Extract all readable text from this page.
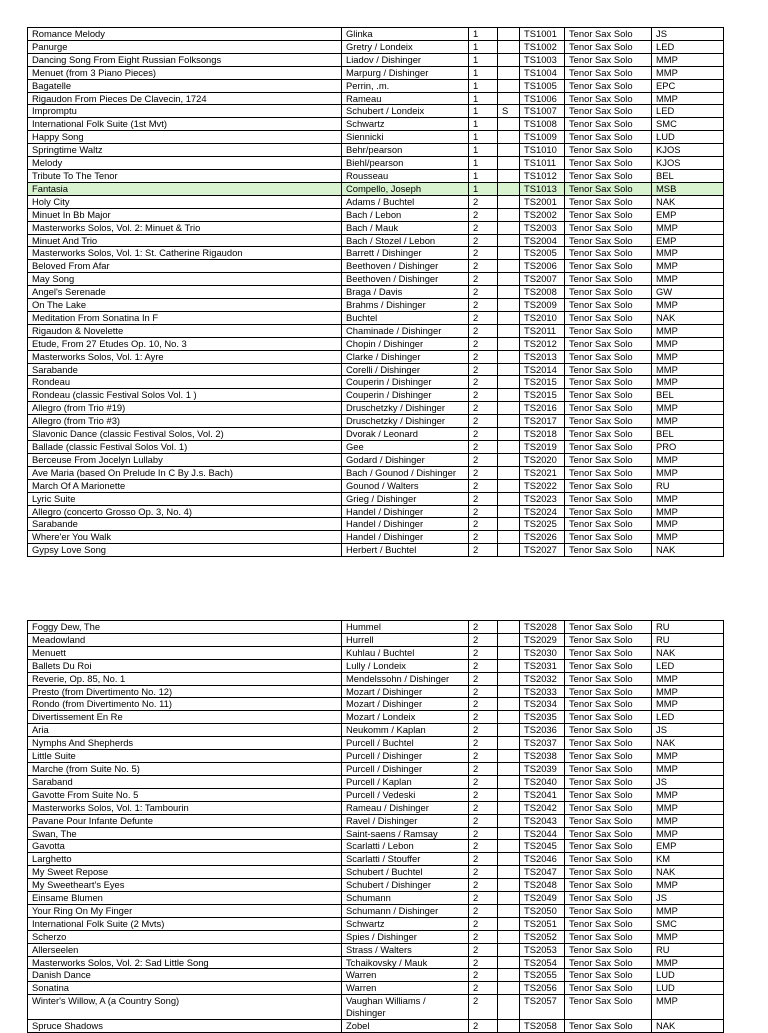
Romance Melody	Glinka	1		TS1001	Tenor Sax Solo	JS
Panurge	Gretry / Londeix	1		TS1002	Tenor Sax Solo	LED
Dancing Song From Eight Russian Folksongs	Liadov / Dishinger	1		TS1003	Tenor Sax Solo	MMP
Menuet (from 3 Piano Pieces)	Marpurg / Dishinger	1		TS1004	Tenor Sax Solo	MMP
Bagatelle	Perrin, .m.	1		TS1005	Tenor Sax Solo	EPC
Rigaudon From Pieces De Clavecin, 1724	Rameau	1		TS1006	Tenor Sax Solo	MMP
Impromptu	Schubert / Londeix	1	S	TS1007	Tenor Sax Solo	LED
International Folk Suite (1st Mvt)	Schwartz	1		TS1008	Tenor Sax Solo	SMC
Happy Song	Siennicki	1		TS1009	Tenor Sax Solo	LUD
Springtime Waltz	Behr/pearson	1		TS1010	Tenor Sax Solo	KJOS
Melody	Biehl/pearson	1		TS1011	Tenor Sax Solo	KJOS
Tribute To The Tenor	Rousseau	1		TS1012	Tenor Sax Solo	BEL
Fantasia	Compello, Joseph	1		TS1013	Tenor Sax Solo	MSB
Holy City	Adams / Buchtel	2		TS2001	Tenor Sax Solo	NAK
Minuet In Bb Major	Bach / Lebon	2		TS2002	Tenor Sax Solo	EMP
Masterworks Solos, Vol. 2: Minuet & Trio	Bach / Mauk	2		TS2003	Tenor Sax Solo	MMP
Minuet And Trio	Bach / Stozel / Lebon	2		TS2004	Tenor Sax Solo	EMP
Masterworks Solos, Vol. 1: St. Catherine Rigaudon	Barrett / Dishinger	2		TS2005	Tenor Sax Solo	MMP
Beloved From Afar	Beethoven / Dishinger	2		TS2006	Tenor Sax Solo	MMP
May Song	Beethoven / Dishinger	2		TS2007	Tenor Sax Solo	MMP
Angel's Serenade	Braga / Davis	2		TS2008	Tenor Sax Solo	GW
On The Lake	Brahms / Dishinger	2		TS2009	Tenor Sax Solo	MMP
Meditation From Sonatina In F	Buchtel	2		TS2010	Tenor Sax Solo	NAK
Rigaudon & Novelette	Chaminade / Dishinger	2		TS2011	Tenor Sax Solo	MMP
Etude, From 27 Etudes Op. 10, No. 3	Chopin / Dishinger	2		TS2012	Tenor Sax Solo	MMP
Masterworks Solos, Vol. 1: Ayre	Clarke / Dishinger	2		TS2013	Tenor Sax Solo	MMP
Sarabande	Corelli / Dishinger	2		TS2014	Tenor Sax Solo	MMP
Rondeau	Couperin / Dishinger	2		TS2015	Tenor Sax Solo	MMP
Rondeau (classic Festival Solos Vol. 1 )	Couperin / Dishinger	2		TS2015	Tenor Sax Solo	BEL
Allegro (from Trio #19)	Druschetzky / Dishinger	2		TS2016	Tenor Sax Solo	MMP
Allegro (from Trio #3)	Druschetzky / Dishinger	2		TS2017	Tenor Sax Solo	MMP
Slavonic Dance (classic Festival Solos, Vol. 2)	Dvorak / Leonard	2		TS2018	Tenor Sax Solo	BEL
Ballade (classic Festival Solos Vol. 1)	Gee	2		TS2019	Tenor Sax Solo	PRO
Berceuse From Jocelyn Lullaby	Godard / Dishinger	2		TS2020	Tenor Sax Solo	MMP
Ave Maria (based On Prelude In C By J.s. Bach)	Bach / Gounod / Dishinger	2		TS2021	Tenor Sax Solo	MMP
March Of A Marionette	Gounod / Walters	2		TS2022	Tenor Sax Solo	RU
Lyric Suite	Grieg / Dishinger	2		TS2023	Tenor Sax Solo	MMP
Allegro (concerto Grosso Op. 3, No. 4)	Handel / Dishinger	2		TS2024	Tenor Sax Solo	MMP
Sarabande	Handel / Dishinger	2		TS2025	Tenor Sax Solo	MMP
Where'er You Walk	Handel / Dishinger	2		TS2026	Tenor Sax Solo	MMP
Gypsy Love Song	Herbert / Buchtel	2		TS2027	Tenor Sax Solo	NAK
Foggy Dew, The	Hummel	2		TS2028	Tenor Sax Solo	RU
Meadowland	Hurrell	2		TS2029	Tenor Sax Solo	RU
Menuett	Kuhlau / Buchtel	2		TS2030	Tenor Sax Solo	NAK
Ballets Du Roi	Lully / Londeix	2		TS2031	Tenor Sax Solo	LED
Reverie, Op. 85, No. 1	Mendelssohn / Dishinger	2		TS2032	Tenor Sax Solo	MMP
Presto (from Divertimento No. 12)	Mozart / Dishinger	2		TS2033	Tenor Sax Solo	MMP
Rondo (from Divertimento No. 11)	Mozart / Dishinger	2		TS2034	Tenor Sax Solo	MMP
Divertissement En Re	Mozart / Londeix	2		TS2035	Tenor Sax Solo	LED
Aria	Neukomm / Kaplan	2		TS2036	Tenor Sax Solo	JS
Nymphs And Shepherds	Purcell / Buchtel	2		TS2037	Tenor Sax Solo	NAK
Little Suite	Purcell / Dishinger	2		TS2038	Tenor Sax Solo	MMP
Marche (from Suite No. 5)	Purcell / Dishinger	2		TS2039	Tenor Sax Solo	MMP
Saraband	Purcell / Kaplan	2		TS2040	Tenor Sax Solo	JS
Gavotte From Suite No. 5	Purcell / Vedeski	2		TS2041	Tenor Sax Solo	MMP
Masterworks Solos, Vol. 1: Tambourin	Rameau / Dishinger	2		TS2042	Tenor Sax Solo	MMP
Pavane Pour Infante Defunte	Ravel / Dishinger	2		TS2043	Tenor Sax Solo	MMP
Swan, The	Saint-saens / Ramsay	2		TS2044	Tenor Sax Solo	MMP
Gavotta	Scarlatti / Lebon	2		TS2045	Tenor Sax Solo	EMP
Larghetto	Scarlatti / Stouffer	2		TS2046	Tenor Sax Solo	KM
My Sweet Repose	Schubert / Buchtel	2		TS2047	Tenor Sax Solo	NAK
My Sweetheart's Eyes	Schubert / Dishinger	2		TS2048	Tenor Sax Solo	MMP
Einsame Blumen	Schumann	2		TS2049	Tenor Sax Solo	JS
Your Ring On My Finger	Schumann / Dishinger	2		TS2050	Tenor Sax Solo	MMP
International Folk Suite (2 Mvts)	Schwartz	2		TS2051	Tenor Sax Solo	SMC
Scherzo	Spies / Dishinger	2		TS2052	Tenor Sax Solo	MMP
Allerseelen	Strass / Walters	2		TS2053	Tenor Sax Solo	RU
Masterworks Solos, Vol. 2: Sad Little Song	Tchaikovsky / Mauk	2		TS2054	Tenor Sax Solo	MMP
Danish Dance	Warren	2		TS2055	Tenor Sax Solo	LUD
Sonatina	Warren	2		TS2056	Tenor Sax Solo	LUD
Winter's Willow, A (a Country Song)	Vaughan Williams / Dishinger	2		TS2057	Tenor Sax Solo	MMP
Spruce Shadows	Zobel	2		TS2058	Tenor Sax Solo	NAK
